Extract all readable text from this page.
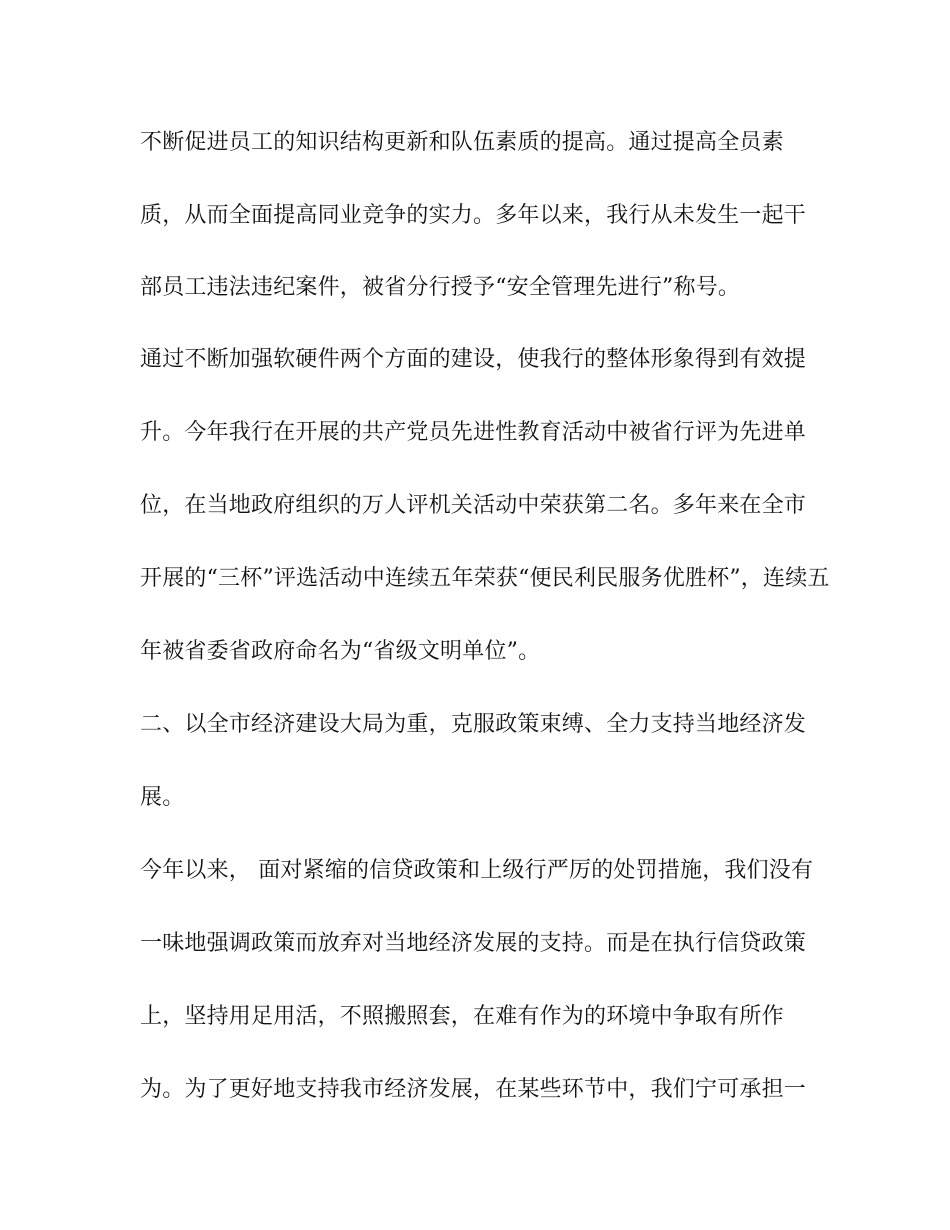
不断促进员工的知识结构更新和队伍素质的提高。通过提高全员素
质，从而全面提高同业竞争的实力。多年以来，我行从未发生一起干
部员工违法违纪案件，被省分行授予“安全管理先进行”称号。
通过不断加强软硬件两个方面的建设，使我行的整体形象得到有效提
升。今年我行在开展的共产党员先进性教育活动中被省行评为先进单
位，在当地政府组织的万人评机关活动中荣获第二名。多年来在全市
开展的“三杯”评选活动中连续五年荣获“便民利民服务优胜杯”，连续五
年被省委省政府命名为“省级文明单位”。
二、以全市经济建设大局为重，克服政策束缚、全力支持当地经济发
展。
今年以来， 面对紧缩的信贷政策和上级行严厉的处罚措施，我们没有
一味地强调政策而放弃对当地经济发展的支持。而是在执行信贷政策
上，坚持用足用活，不照搬照套，在难有作为的环境中争取有所作
为。为了更好地支持我市经济发展，在某些环节中，我们宁可承担一
